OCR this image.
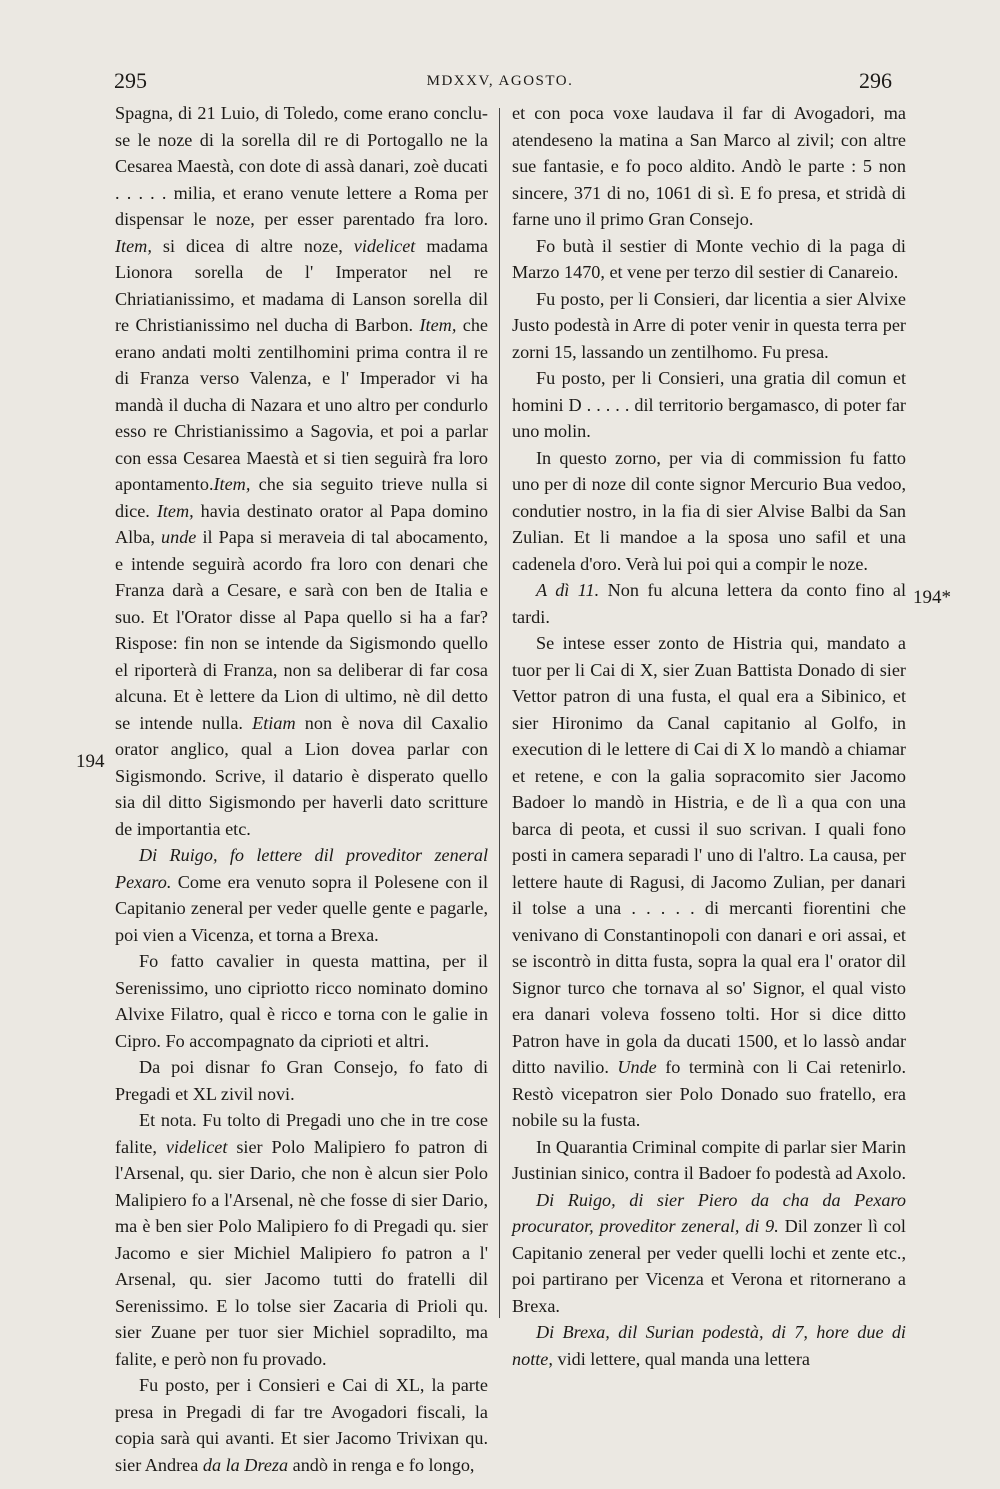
295	MDXXV, AGOSTO.	296
194
194*

Spagna, di 21 Luio, di Toledo, come erano conclu-se le noze di la sorella dil re di Portogallo ne la Cesarea Maestà, con dote di assà danari, zoè ducati . . . . . milia, et erano venute lettere a Roma per dispensar le noze, per esser parentado fra loro. Item, si dicea di altre noze, videlicet madama Lionora sorella de l' Imperator nel re Chriatianissimo, et madama di Lanson sorella dil re Christianissimo nel ducha di Barbon. Item, che erano andati molti zentilhomini prima contra il re di Franza verso Valenza, e l' Imperador vi ha mandà il ducha di Nazara et uno altro per condurlo esso re Christianissimo a Sagovia, et poi a parlar con essa Cesarea Maestà et si tien seguirà fra loro apontamento.Item, che sia seguito trieve nulla si dice. Item, havia destinato orator al Papa domino Alba, unde il Papa si meraveia di tal abocamento, e intende seguirà acordo fra loro con denari che Franza darà a Cesare, e sarà con ben de Italia e suo. Et l'Orator disse al Papa quello si ha a far? Rispose: fin non se intende da Sigismondo quello el riporterà di Franza, non sa deliberar di far cosa alcuna. Et è lettere da Lion di ultimo, nè dil detto se intende nulla. Etiam non è nova dil Caxalio orator anglico, qual a Lion dovea parlar con Sigismondo. Scrive, il datario è disperato quello sia dil ditto Sigismondo per haverli dato scritture de importantia etc.

Di Ruigo, fo lettere dil proveditor zeneral Pexaro. Come era venuto sopra il Polesene con il Capitanio zeneral per veder quelle gente e pagarle, poi vien a Vicenza, et torna a Brexa.

Fo fatto cavalier in questa mattina, per il Serenissimo, uno cipriotto ricco nominato domino Alvixe Filatro, qual è ricco e torna con le galie in Cipro. Fo accompagnato da ciprioti et altri.

Da poi disnar fo Gran Consejo, fo fato di Pregadi et XL zivil novi.

Et nota. Fu tolto di Pregadi uno che in tre cose falite, videlicet sier Polo Malipiero fo patron di l'Arsenal, qu. sier Dario, che non è alcun sier Polo Malipiero fo a l'Arsenal, nè che fosse di sier Dario, ma è ben sier Polo Malipiero fo di Pregadi qu. sier Jacomo e sier Michiel Malipiero fo patron a l' Arsenal, qu. sier Jacomo tutti do fratelli dil Serenissimo. E lo tolse sier Zacaria di Prioli qu. sier Zuane per tuor sier Michiel sopradilto, ma falite, e però non fu provado.

Fu posto, per i Consieri e Cai di XL, la parte presa in Pregadi di far tre Avogadori fiscali, la copia sarà qui avanti. Et sier Jacomo Trivixan qu. sier Andrea da la Dreza andò in renga e fo longo,

et con poca voxe laudava il far di Avogadori, ma atendeseno la matina a San Marco al zivil; con altre sue fantasie, e fo poco aldito. Andò le parte : 5 non sincere, 371 di no, 1061 di sì. E fo presa, et stridà di farne uno il primo Gran Consejo.

Fo butà il sestier di Monte vechio di la paga di Marzo 1470, et vene per terzo dil sestier di Canareio.

Fu posto, per li Consieri, dar licentia a sier Alvixe Justo podestà in Arre di poter venir in questa terra per zorni 15, lassando un zentilhomo. Fu presa.

Fu posto, per li Consieri, una gratia dil comun et homini D . . . . . dil territorio bergamasco, di poter far uno molin.

In questo zorno, per via di commission fu fatto uno per di noze dil conte signor Mercurio Bua vedoo, condutier nostro, in la fia di sier Alvise Balbi da San Zulian. Et li mandoe a la sposa uno safil et una cadenela d'oro. Verà lui poi qui a compir le noze.

A dì 11. Non fu alcuna lettera da conto fino al tardi.

Se intese esser zonto de Histria qui, mandato a tuor per li Cai di X, sier Zuan Battista Donado di sier Vettor patron di una fusta, el qual era a Sibinico, et sier Hironimo da Canal capitanio al Golfo, in execution di le lettere di Cai di X lo mandò a chiamar et retene, e con la galia sopracomito sier Jacomo Badoer lo mandò in Histria, e de lì a qua con una barca di peota, et cussi il suo scrivan. I quali fono posti in camera separadi l' uno di l'altro. La causa, per lettere haute di Ragusi, di Jacomo Zulian, per danari il tolse a una . . . . . di mercanti fiorentini che venivano di Constantinopoli con danari e ori assai, et se iscontrò in ditta fusta, sopra la qual era l' orator dil Signor turco che tornava al so' Signor, el qual visto era danari voleva fosseno tolti. Hor si dice ditto Patron have in gola da ducati 1500, et lo lassò andar ditto navilio. Unde fo terminà con li Cai retenirlo. Restò vicepatron sier Polo Donado suo fratello, era nobile su la fusta.

In Quarantia Criminal compite di parlar sier Marin Justinian sinico, contra il Badoer fo podestà ad Axolo.

Di Ruigo, di sier Piero da cha da Pexaro procurator, proveditor zeneral, di 9. Dil zonzer lì col Capitanio zeneral per veder quelli lochi et zente etc., poi partirano per Vicenza et Verona et ritornerano a Brexa.

Di Brexa, dil Surian podestà, di 7, hore due di notte, vidi lettere, qual manda una lettera
